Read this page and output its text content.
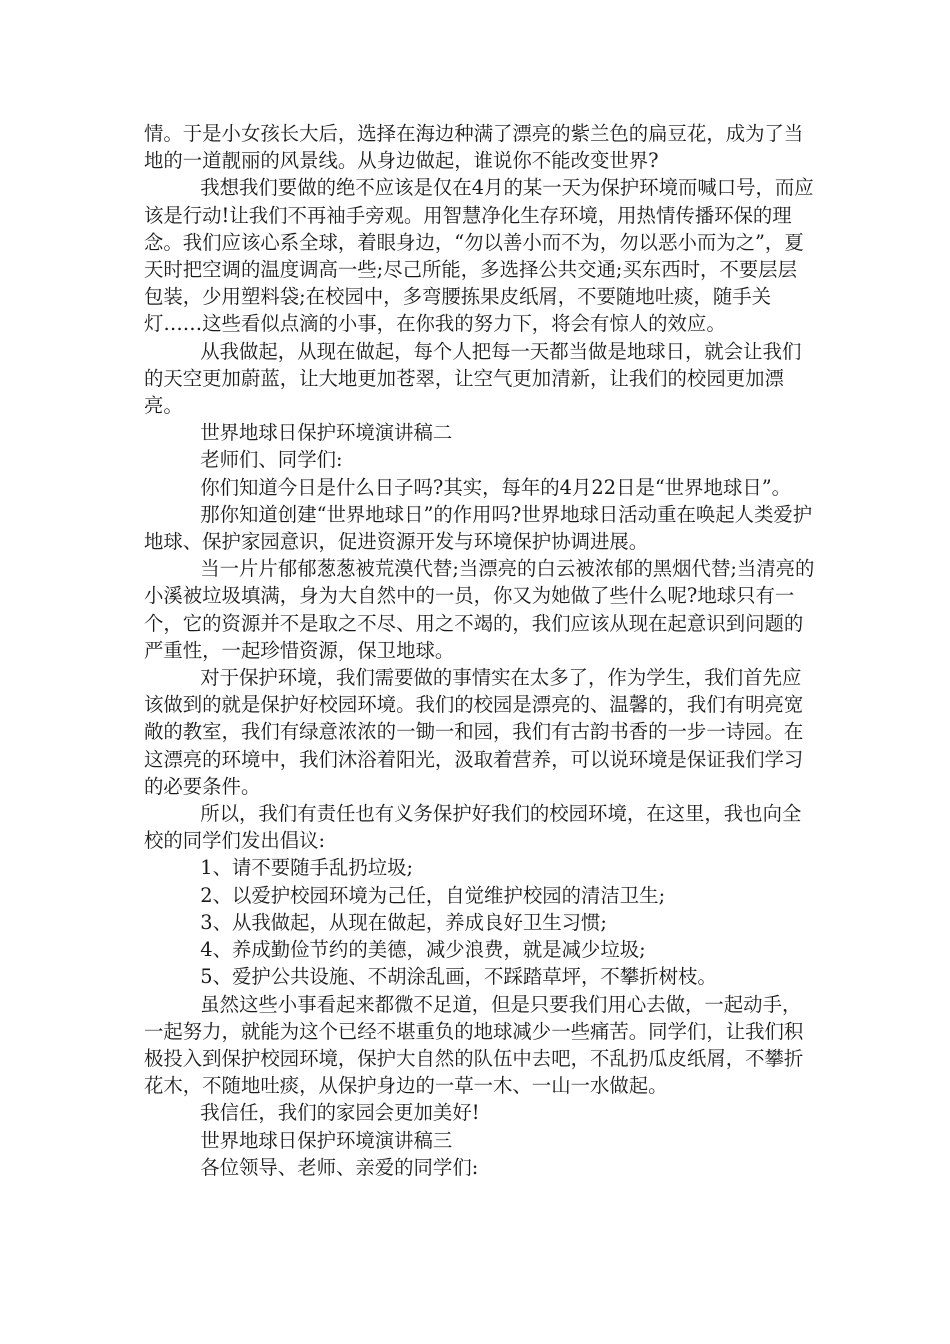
情。于是小女孩长大后，选择在海边种满了漂亮的紫兰色的扁豆花，成为了当地的一道靓丽的风景线。从身边做起，谁说你不能改变世界?

我想我们要做的绝不应该是仅在4月的某一天为保护环境而喊口号，而应该是行动!让我们不再袖手旁观。用智慧净化生存环境，用热情传播环保的理念。我们应该心系全球，着眼身边，“勿以善小而不为，勿以恶小而为之”，夏天时把空调的温度调高一些;尽己所能，多选择公共交通;买东西时，不要层层包装，少用塑料袋;在校园中，多弯腰拣果皮纸屑，不要随地吐痰，随手关灯……这些看似点滴的小事，在你我的努力下，将会有惊人的效应。

从我做起，从现在做起，每个人把每一天都当做是地球日，就会让我们的天空更加蔚蓝，让大地更加苍翠，让空气更加清新，让我们的校园更加漂亮。

世界地球日保护环境演讲稿二

老师们、同学们:

你们知道今日是什么日子吗?其实，每年的4月22日是“世界地球日”。

那你知道创建“世界地球日”的作用吗?世界地球日活动重在唤起人类爱护地球、保护家园意识，促进资源开发与环境保护协调进展。

当一片片郁郁葱葱被荒漠代替;当漂亮的白云被浓郁的黑烟代替;当清亮的小溪被垃圾填满，身为大自然中的一员，你又为她做了些什么呢?地球只有一个，它的资源并不是取之不尽、用之不竭的，我们应该从现在起意识到问题的严重性，一起珍惜资源，保卫地球。

对于保护环境，我们需要做的事情实在太多了，作为学生，我们首先应该做到的就是保护好校园环境。我们的校园是漂亮的、温馨的，我们有明亮宽敞的教室，我们有绿意浓浓的一锄一和园，我们有古韵书香的一步一诗园。在这漂亮的环境中，我们沐浴着阳光，汲取着营养，可以说环境是保证我们学习的必要条件。

所以，我们有责任也有义务保护好我们的校园环境，在这里，我也向全校的同学们发出倡议:

1、请不要随手乱扔垃圾;

2、以爱护校园环境为己任，自觉维护校园的清洁卫生;

3、从我做起，从现在做起，养成良好卫生习惯;

4、养成勤俭节约的美德，减少浪费，就是减少垃圾;

5、爱护公共设施、不胡涂乱画，不踩踏草坪，不攀折树枝。

虽然这些小事看起来都微不足道，但是只要我们用心去做，一起动手，一起努力，就能为这个已经不堪重负的地球减少一些痛苦。同学们，让我们积极投入到保护校园环境，保护大自然的队伍中去吧，不乱扔瓜皮纸屑，不攀折花木，不随地吐痰，从保护身边的一草一木、一山一水做起。

我信任，我们的家园会更加美好!

世界地球日保护环境演讲稿三

各位领导、老师、亲爱的同学们:
